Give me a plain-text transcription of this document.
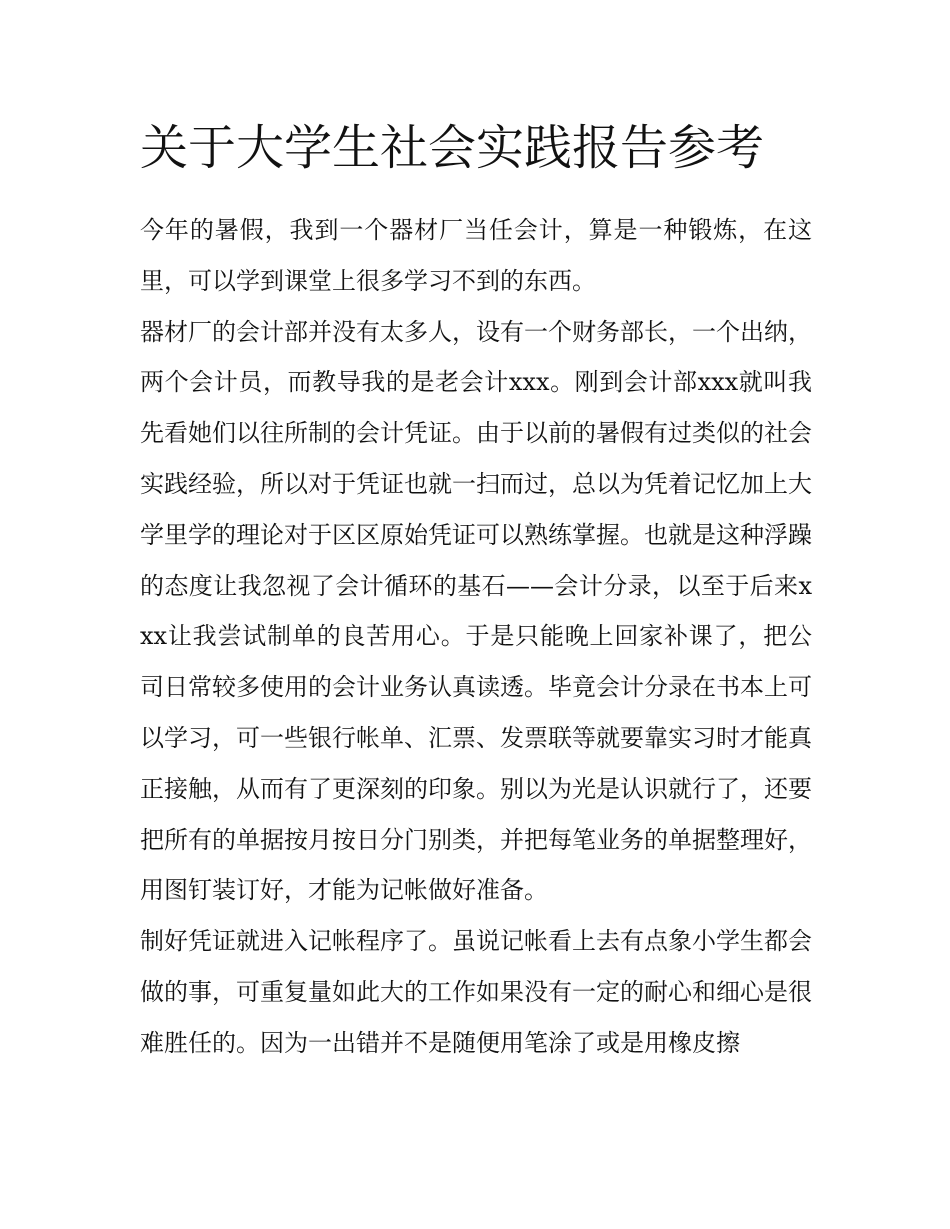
关于大学生社会实践报告参考

今年的暑假，我到一个器材厂当任会计，算是一种锻炼，在这里，可以学到课堂上很多学习不到的东西。

器材厂的会计部并没有太多人，设有一个财务部长，一个出纳，两个会计员，而教导我的是老会计xxx。刚到会计部xxx就叫我先看她们以往所制的会计凭证。由于以前的暑假有过类似的社会实践经验，所以对于凭证也就一扫而过，总以为凭着记忆加上大学里学的理论对于区区原始凭证可以熟练掌握。也就是这种浮躁的态度让我忽视了会计循环的基石——会计分录，以至于后来xxx让我尝试制单的良苦用心。于是只能晚上回家补课了，把公司日常较多使用的会计业务认真读透。毕竟会计分录在书本上可以学习，可一些银行帐单、汇票、发票联等就要靠实习时才能真正接触，从而有了更深刻的印象。别以为光是认识就行了，还要把所有的单据按月按日分门别类，并把每笔业务的单据整理好，用图钉装订好，才能为记帐做好准备。

制好凭证就进入记帐程序了。虽说记帐看上去有点象小学生都会做的事，可重复量如此大的工作如果没有一定的耐心和细心是很难胜任的。因为一出错并不是随便用笔涂了或是用橡皮擦
